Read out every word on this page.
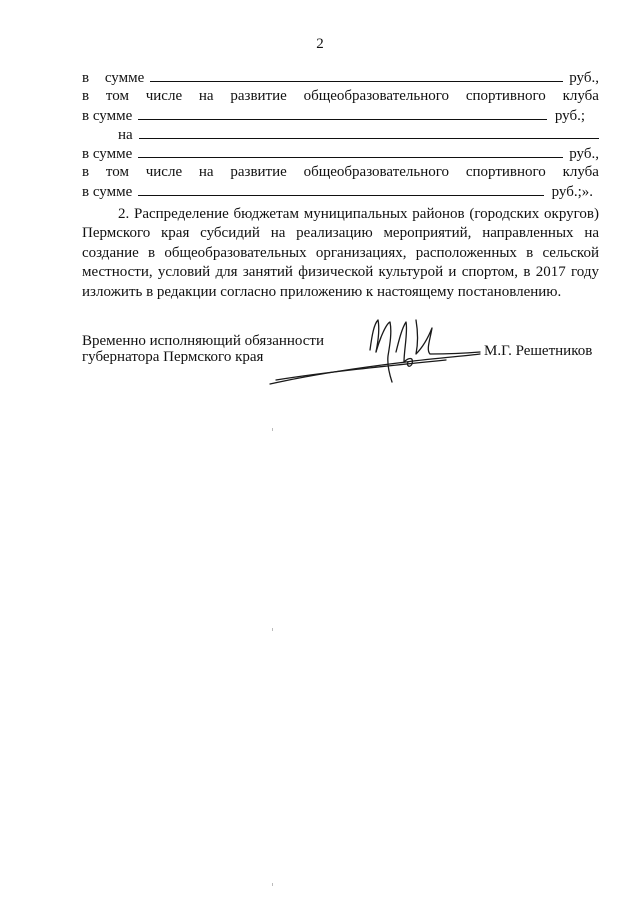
2
в сумме	руб.,
в том числе на развитие общеобразовательного спортивного клуба
в сумме	руб.;
на
в сумме	руб.,
в том числе на развитие общеобразовательного спортивного клуба
в сумме	руб.;».
2. Распределение бюджетам муниципальных районов (городских округов) Пермского края субсидий на реализацию мероприятий, направленных на создание в общеобразовательных организациях, расположенных в сельской местности, условий для занятий физической культурой и спортом, в 2017 году изложить в редакции согласно приложению к настоящему постановлению.
Временно исполняющий обязанности
губернатора Пермского края	М.Г. Решетников
